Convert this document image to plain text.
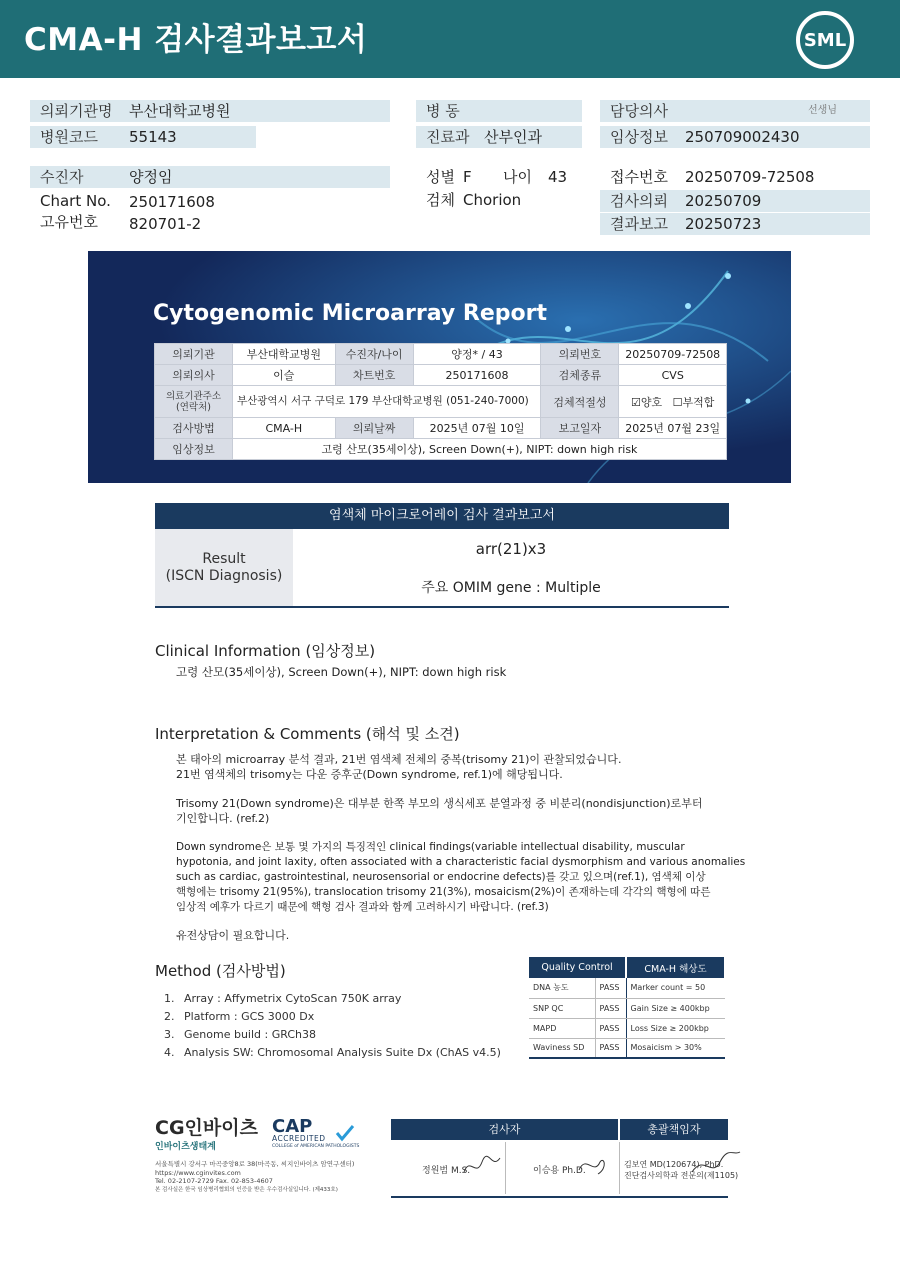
CMA-H 검사결과보고서	SML
의뢰기관명	부산대학교병원
병원코드	55143
병 동
진료과 산부인과
담당의사	선생님
임상정보	250709002430
수진자	양정임
Chart No. 250171608
고유번호 820701-2
성별 F 나이 43
검체 Chorion
접수번호 20250709-72508
검사의뢰	20250709
결과보고	20250723
Cytogenomic Microarray Report
의뢰기관	부산대학교병원	수진자/나이	양정* / 43	의뢰번호	20250709-72508
의뢰의사	이슬	차트번호	250171608	검체종류	CVS
의료기관주소
(연락처)	부산광역시 서구 구덕로 179 부산대학교병원 (051-240-7000)			검체적절성	☑양호 ☐부적합
검사방법	CMA-H	의뢰날짜	2025년 07월 10일	보고일자	2025년 07월 23일
임상정보	고령 산모(35세이상), Screen Down(+), NIPT: down high risk				
염색체 마이크로어레이 검사 결과보고서
Result
(ISCN Diagnosis)
arr(21)x3
주요 OMIM gene : Multiple
Clinical Information (임상정보)
고령 산모(35세이상), Screen Down(+), NIPT: down high risk
Interpretation & Comments (해석 및 소견)
본 태아의 microarray 분석 결과, 21번 염색체 전체의 중복(trisomy 21)이 관찰되었습니다.
21번 염색체의 trisomy는 다운 증후군(Down syndrome, ref.1)에 해당됩니다.
Trisomy 21(Down syndrome)은 대부분 한쪽 부모의 생식세포 분열과정 중 비분리(nondisjunction)로부터
기인합니다. (ref.2)
Down syndrome은 보통 몇 가지의 특징적인 clinical findings(variable intellectual disability, muscular
hypotonia, and joint laxity, often associated with a characteristic facial dysmorphism and various anomalies
such as cardiac, gastrointestinal, neurosensorial or endocrine defects)를 갖고 있으며(ref.1), 염색체 이상
핵형에는 trisomy 21(95%), translocation trisomy 21(3%), mosaicism(2%)이 존재하는데 각각의 핵형에 따른
임상적 예후가 다르기 때문에 핵형 검사 결과와 함께 고려하시기 바랍니다. (ref.3)
유전상담이 필요합니다.
Method (검사방법)
1. Array : Affymetrix CytoScan 750K array
2. Platform : GCS 3000 Dx
3. Genome build : GRCh38
4. Analysis SW: Chromosomal Analysis Suite Dx (ChAS v4.5)
Quality Control		CMA-H 해상도
DNA 농도	PASS	Marker count = 50
SNP QC	PASS	Gain Size ≥ 400kbp
MAPD	PASS	Loss Size ≥ 200kbp
Waviness SD	PASS	Mosaicism > 30%
CG인바이츠
인바이츠생태계
CAP
ACCREDITED
COLLEGE of AMERICAN PATHOLOGISTS
서울특별시 강서구 마곡중앙8로 38(마곡동, 씨지인바이츠 암연구센터)
https://www.cginvites.com
Tel. 02-2107-2729 Fax. 02-853-4607
본 검사실은 한국 임상병리협회의 인증을 받은 우수검사실입니다. (제433호)
검사자	총괄책임자
정원범 M.S.	이승용 Ph.D.
김보연 MD(120674), PhD.
진단검사의학과 전문의(제1105)
